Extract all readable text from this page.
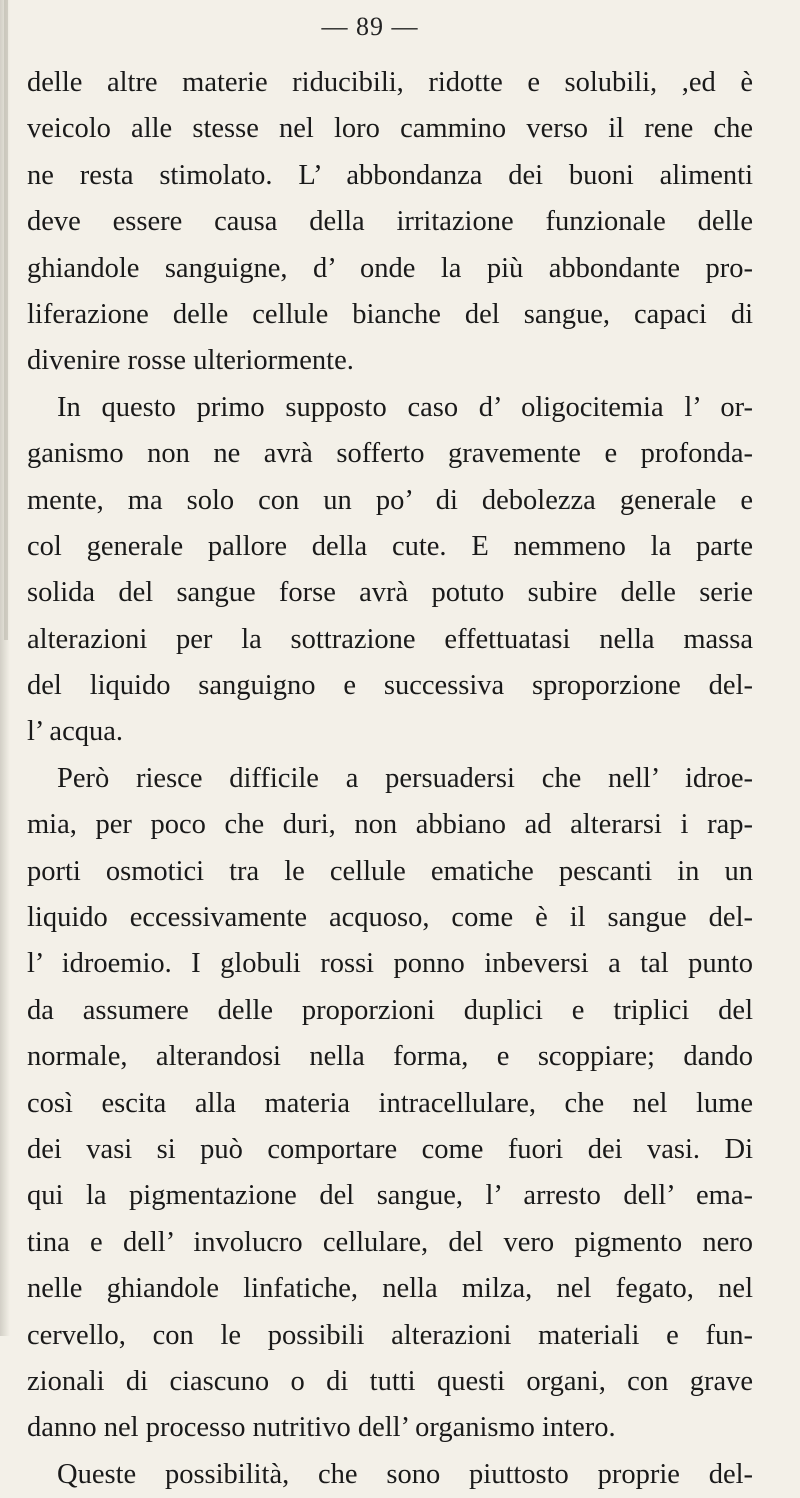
— 89 —
delle altre materie riducibili, ridotte e solubili, ,ed è
veicolo alle stesse nel loro cammino verso il rene che
ne resta stimolato. L’ abbondanza dei buoni alimenti
deve essere causa della irritazione funzionale delle
ghiandole sanguigne, d’ onde la più abbondante pro-
liferazione delle cellule bianche del sangue, capaci di
divenire rosse ulteriormente.
In questo primo supposto caso d’ oligocitemia l’ or-
ganismo non ne avrà sofferto gravemente e profonda-
mente, ma solo con un po’ di debolezza generale e
col generale pallore della cute. E nemmeno la parte
solida del sangue forse avrà potuto subire delle serie
alterazioni per la sottrazione effettuatasi nella massa
del liquido sanguigno e successiva sproporzione del-
l’ acqua.
Però riesce difficile a persuadersi che nell’ idroe-
mia, per poco che duri, non abbiano ad alterarsi i rap-
porti osmotici tra le cellule ematiche pescanti in un
liquido eccessivamente acquoso, come è il sangue del-
l’ idroemio. I globuli rossi ponno inbeversi a tal punto
da assumere delle proporzioni duplici e triplici del
normale, alterandosi nella forma, e scoppiare; dando
così escita alla materia intracellulare, che nel lume
dei vasi si può comportare come fuori dei vasi. Di
qui la pigmentazione del sangue, l’ arresto dell’ ema-
tina e dell’ involucro cellulare, del vero pigmento nero
nelle ghiandole linfatiche, nella milza, nel fegato, nel
cervello, con le possibili alterazioni materiali e fun-
zionali di ciascuno o di tutti questi organi, con grave
danno nel processo nutritivo dell’ organismo intero.
Queste possibilità, che sono piuttosto proprie del-
